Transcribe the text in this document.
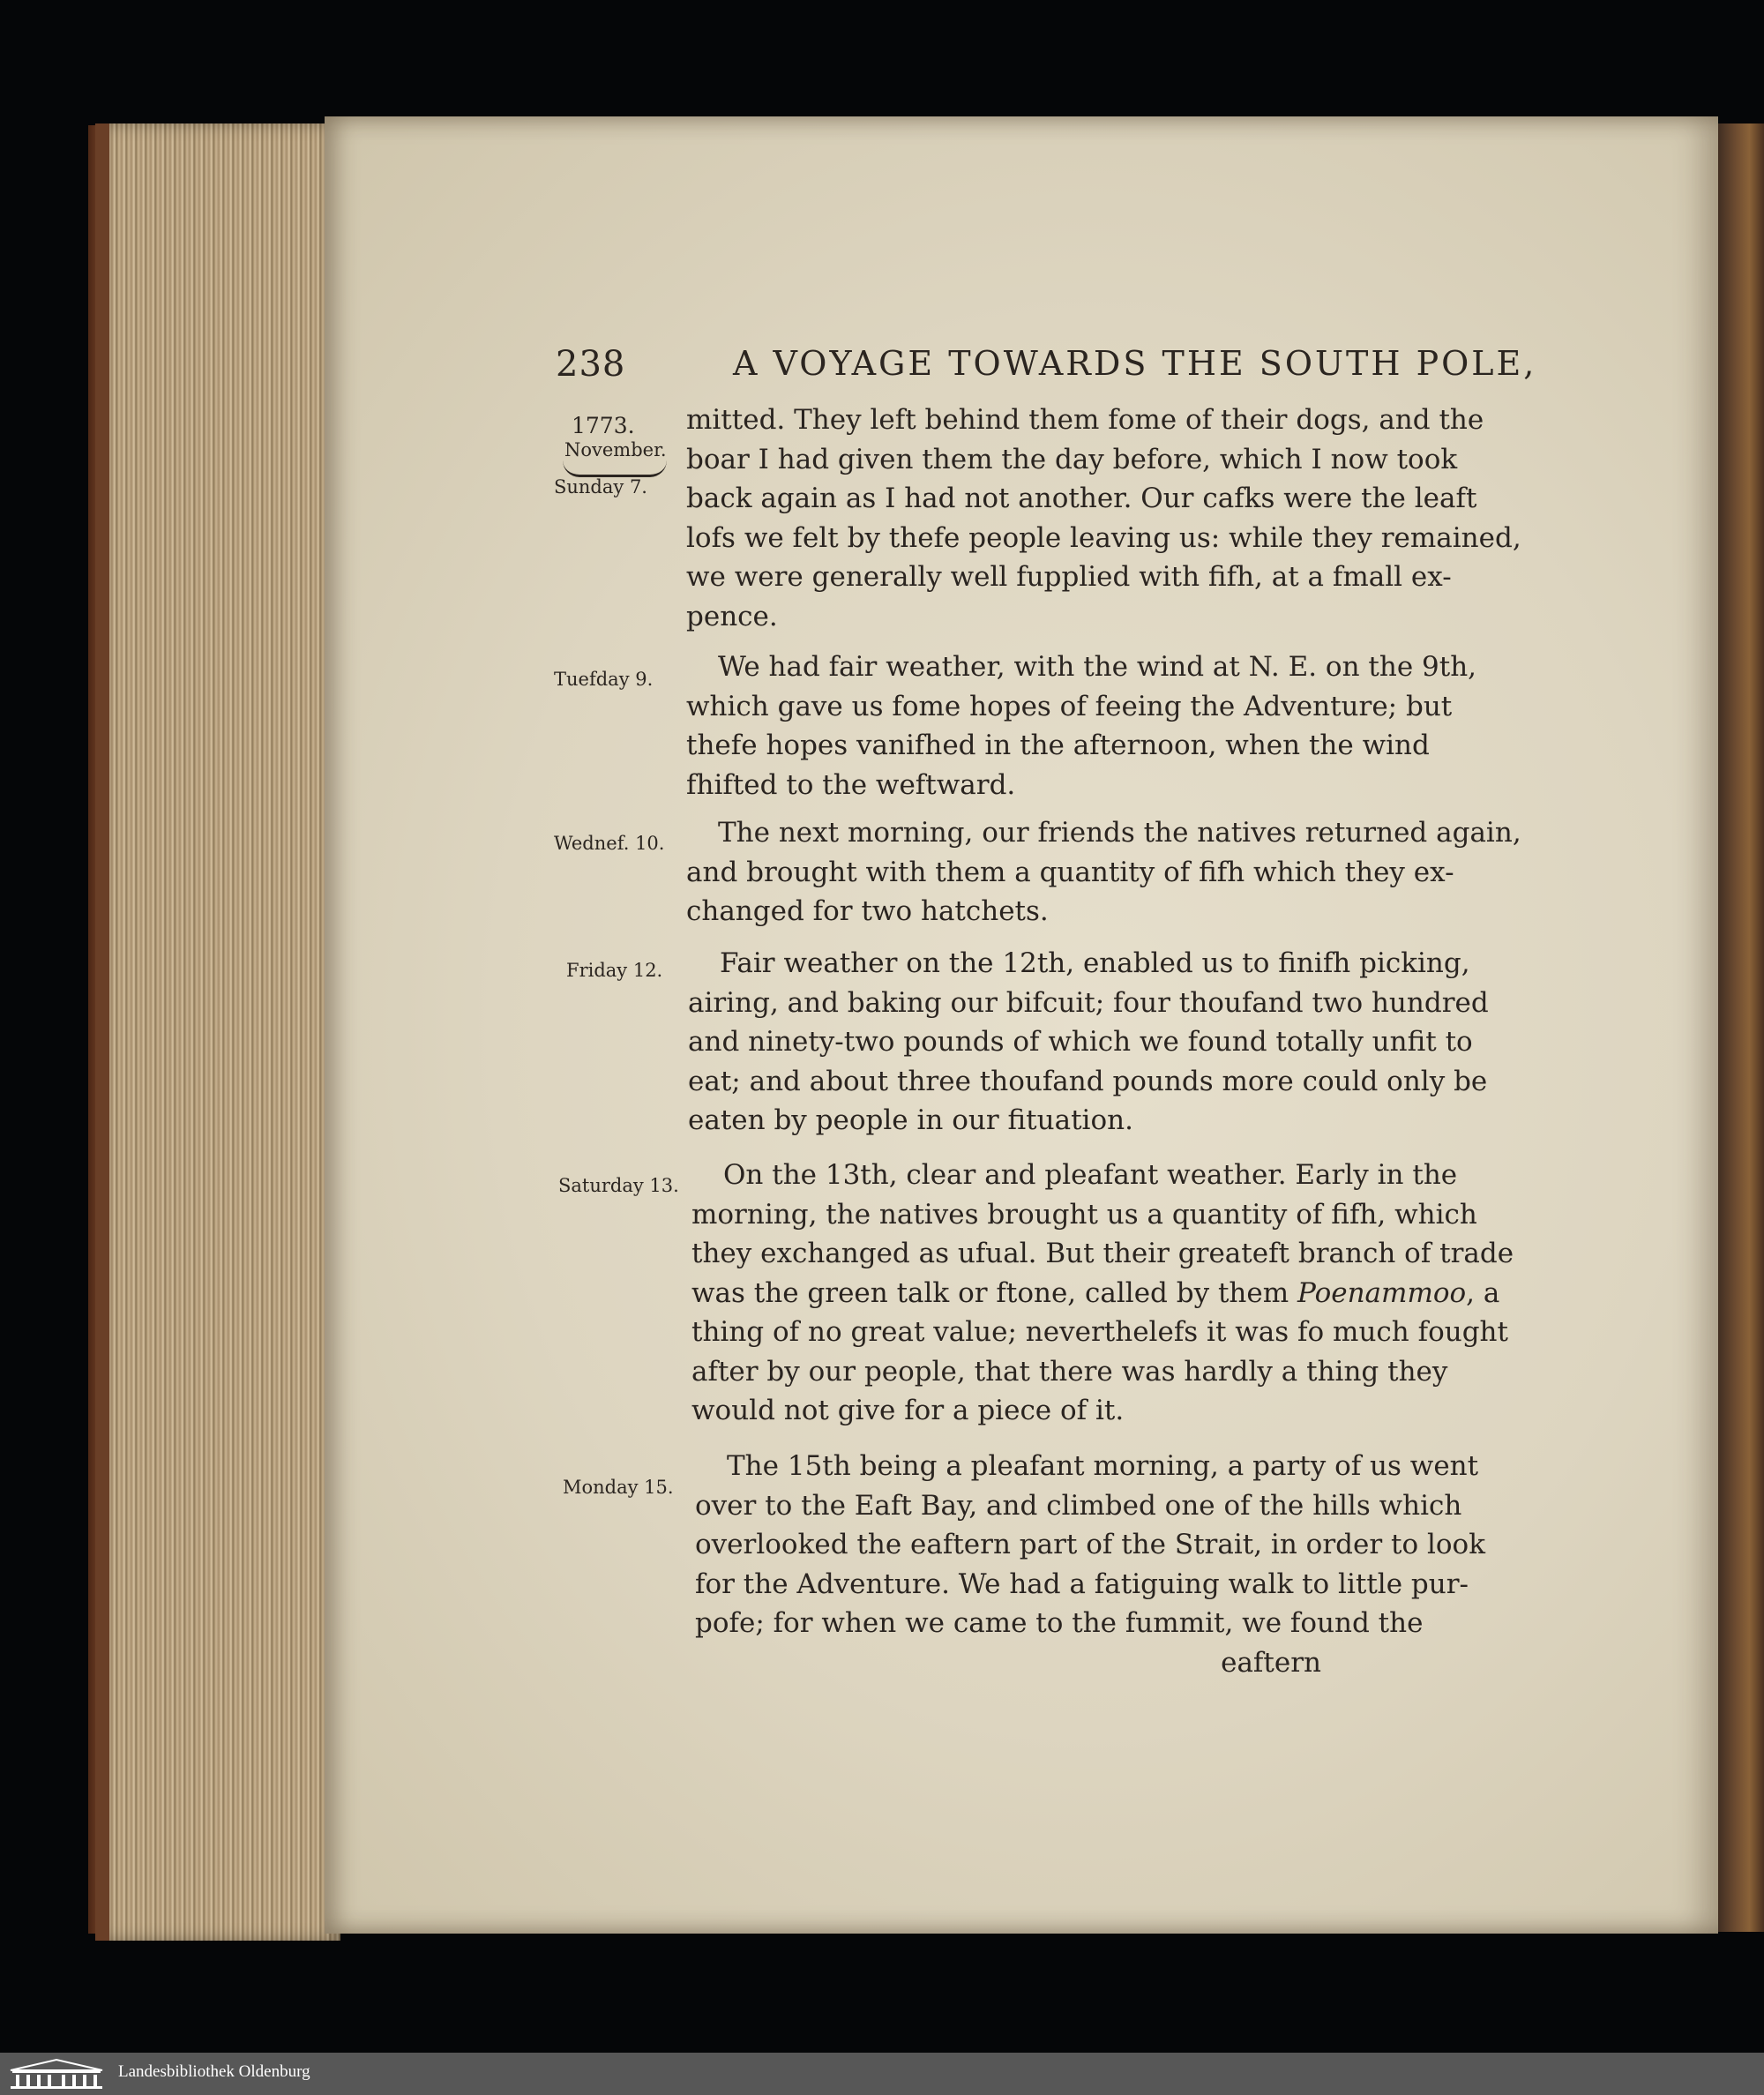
238	A VOYAGE TOWARDS THE SOUTH POLE,
1773.
November.
Sunday 7.
Tuefday 9.
Wednef. 10.
Friday 12.
Saturday 13.
Monday 15.
mitted. They left behind them fome of their dogs, and the
boar I had given them the day before, which I now took
back again as I had not another. Our cafks were the leaft
lofs we felt by thefe people leaving us: while they remained,
we were generally well fupplied with fifh, at a fmall ex-
pence.
We had fair weather, with the wind at N. E. on the 9th,
which gave us fome hopes of feeing the Adventure; but
thefe hopes vanifhed in the afternoon, when the wind
fhifted to the weftward.
The next morning, our friends the natives returned again,
and brought with them a quantity of fifh which they ex-
changed for two hatchets.
Fair weather on the 12th, enabled us to finifh picking,
airing, and baking our bifcuit; four thoufand two hundred
and ninety-two pounds of which we found totally unfit to
eat; and about three thoufand pounds more could only be
eaten by people in our fituation.
On the 13th, clear and pleafant weather. Early in the
morning, the natives brought us a quantity of fifh, which
they exchanged as ufual. But their greateft branch of trade
was the green talk or ftone, called by them Poenammoo, a
thing of no great value; neverthelefs it was fo much fought
after by our people, that there was hardly a thing they
would not give for a piece of it.
The 15th being a pleafant morning, a party of us went
over to the Eaft Bay, and climbed one of the hills which
overlooked the eaftern part of the Strait, in order to look
for the Adventure. We had a fatiguing walk to little pur-
pofe; for when we came to the fummit, we found the
eaftern
Landesbibliothek Oldenburg
